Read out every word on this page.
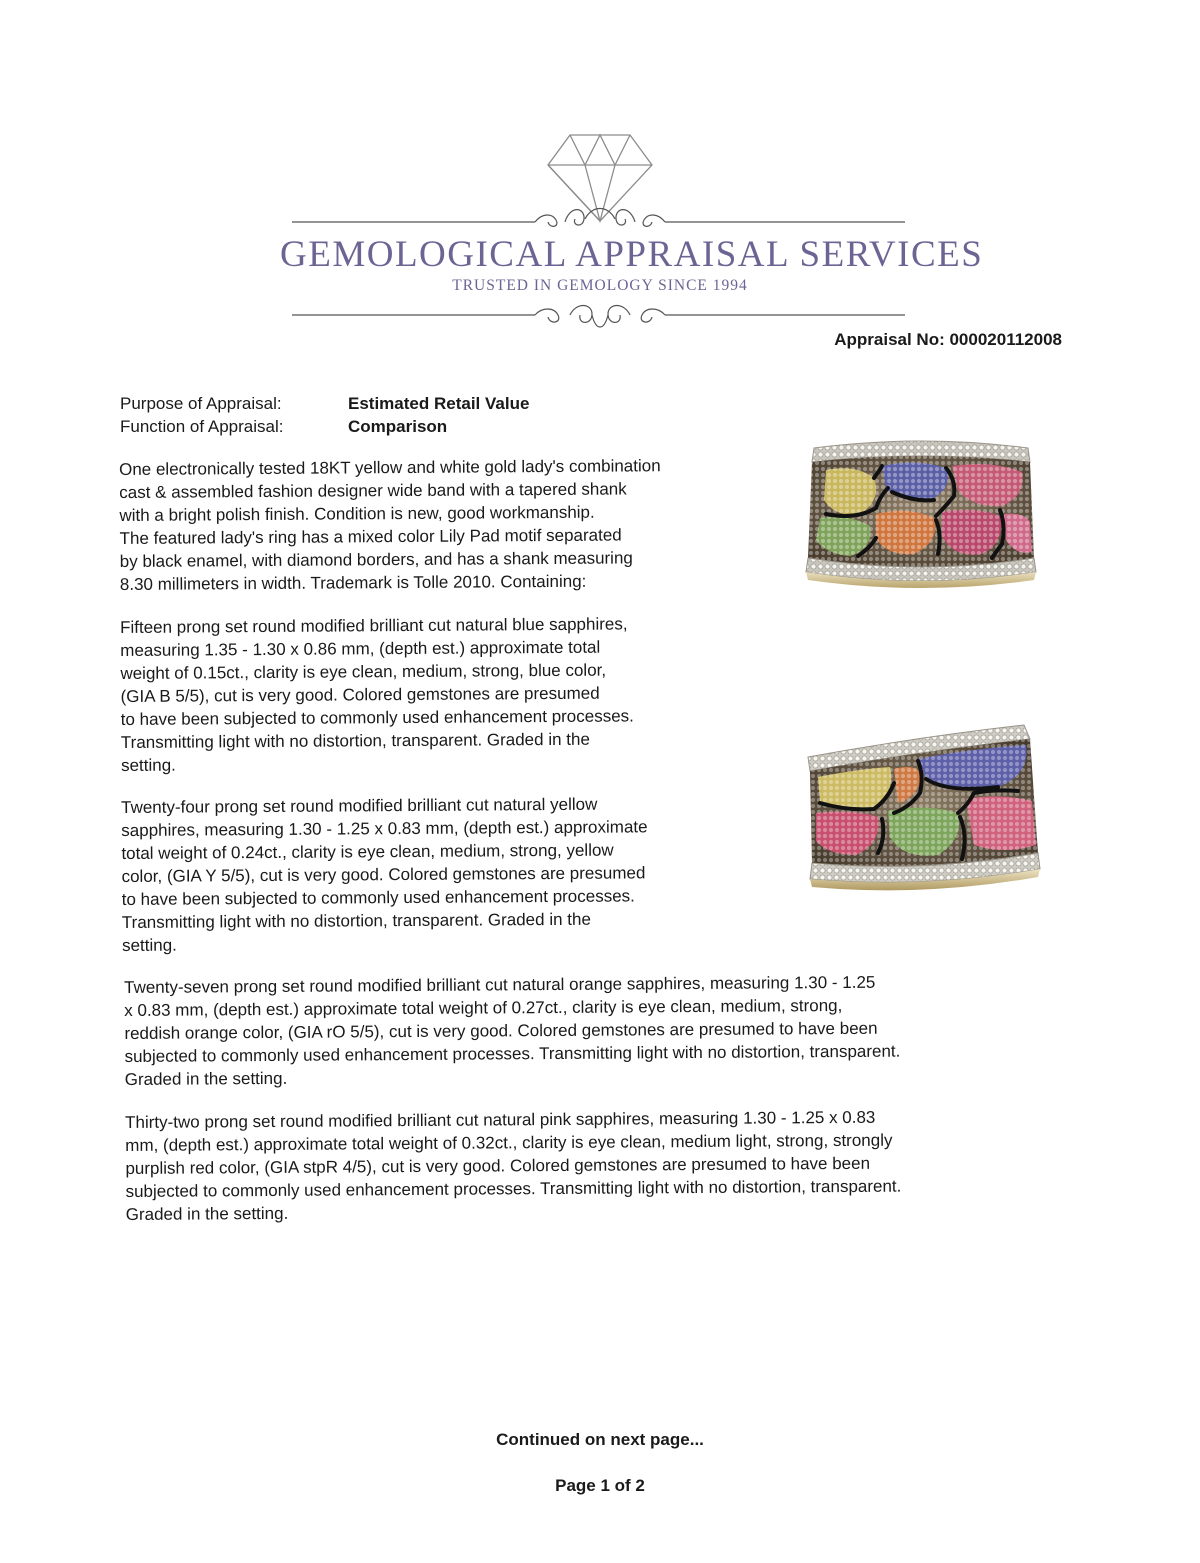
GEMOLOGICAL APPRAISAL SERVICES
TRUSTED IN GEMOLOGY SINCE 1994
Appraisal No: 000020112008
Purpose of Appraisal:	Estimated Retail Value
Function of Appraisal:	Comparison

One electronically tested 18KT yellow and white gold lady's combination
cast & assembled fashion designer wide band with a tapered shank
with a bright polish finish. Condition is new, good workmanship.
The featured lady's ring has a mixed color Lily Pad motif separated
by black enamel, with diamond borders, and has a shank measuring
8.30 millimeters in width. Trademark is Tolle 2010. Containing:

Fifteen prong set round modified brilliant cut natural blue sapphires,
measuring 1.35 - 1.30 x 0.86 mm, (depth est.) approximate total
weight of 0.15ct., clarity is eye clean, medium, strong, blue color,
(GIA B 5/5), cut is very good. Colored gemstones are presumed
to have been subjected to commonly used enhancement processes.
Transmitting light with no distortion, transparent. Graded in the
setting.

Twenty-four prong set round modified brilliant cut natural yellow
sapphires, measuring 1.30 - 1.25 x 0.83 mm, (depth est.) approximate
total weight of 0.24ct., clarity is eye clean, medium, strong, yellow
color, (GIA Y 5/5), cut is very good. Colored gemstones are presumed
to have been subjected to commonly used enhancement processes.
Transmitting light with no distortion, transparent. Graded in the
setting.

Twenty-seven prong set round modified brilliant cut natural orange sapphires, measuring 1.30 - 1.25
x 0.83 mm, (depth est.) approximate total weight of 0.27ct., clarity is eye clean, medium, strong,
reddish orange color, (GIA rO 5/5), cut is very good. Colored gemstones are presumed to have been
subjected to commonly used enhancement processes. Transmitting light with no distortion, transparent.
Graded in the setting.

Thirty-two prong set round modified brilliant cut natural pink sapphires, measuring 1.30 - 1.25 x 0.83
mm, (depth est.) approximate total weight of 0.32ct., clarity is eye clean, medium light, strong, strongly
purplish red color, (GIA stpR 4/5), cut is very good. Colored gemstones are presumed to have been
subjected to commonly used enhancement processes. Transmitting light with no distortion, transparent.
Graded in the setting.

Continued on next page...
Page 1 of 2
